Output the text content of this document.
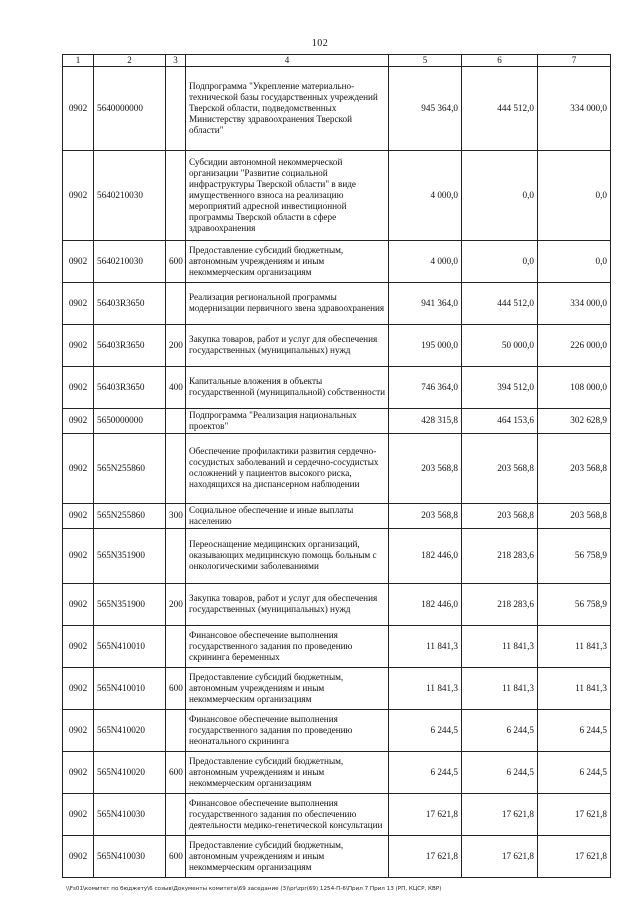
102
1	2	3	4	5	6	7
0902	5640000000		Подпрограмма "Укрепление материально-технической базы государственных учреждений Тверской области, подведомственных Министерству здравоохранения Тверской области"	945 364,0	444 512,0	334 000,0
0902	5640210030		Субсидии автономной некоммерческой организации "Развитие социальной инфраструктуры Тверской области" в виде имущественного взноса на реализацию мероприятий адресной инвестиционной программы Тверской области в сфере здравоохранения	4 000,0	0,0	0,0
0902	5640210030	600	Предоставление субсидий бюджетным, автономным учреждениям и иным некоммерческим организациям	4 000,0	0,0	0,0
0902	56403R3650		Реализация региональной программы модернизации первичного звена здравоохранения	941 364,0	444 512,0	334 000,0
0902	56403R3650	200	Закупка товаров, работ и услуг для обеспечения государственных (муниципальных) нужд	195 000,0	50 000,0	226 000,0
0902	56403R3650	400	Капитальные вложения в объекты государственной (муниципальной) собственности	746 364,0	394 512,0	108 000,0
0902	5650000000		Подпрограмма "Реализация национальных проектов"	428 315,8	464 153,6	302 628,9
0902	565N255860		Обеспечение профилактики развития сердечно-сосудистых заболеваний и сердечно-сосудистых осложнений у пациентов высокого риска, находящихся на диспансерном наблюдении	203 568,8	203 568,8	203 568,8
0902	565N255860	300	Социальное обеспечение и иные выплаты населению	203 568,8	203 568,8	203 568,8
0902	565N351900		Переоснащение медицинских организаций, оказывающих медицинскую помощь больным с онкологическими заболеваниями	182 446,0	218 283,6	56 758,9
0902	565N351900	200	Закупка товаров, работ и услуг для обеспечения государственных (муниципальных) нужд	182 446,0	218 283,6	56 758,9
0902	565N410010		Финансовое обеспечение выполнения государственного задания по проведению скрининга беременных	11 841,3	11 841,3	11 841,3
0902	565N410010	600	Предоставление субсидий бюджетным, автономным учреждениям и иным некоммерческим организациям	11 841,3	11 841,3	11 841,3
0902	565N410020		Финансовое обеспечение выполнения государственного задания по проведению неонатального скрининга	6 244,5	6 244,5	6 244,5
0902	565N410020	600	Предоставление субсидий бюджетным, автономным учреждениям и иным некоммерческим организациям	6 244,5	6 244,5	6 244,5
0902	565N410030		Финансовое обеспечение выполнения государственного задания по обеспечению деятельности медико-генетической консультации	17 621,8	17 621,8	17 621,8
0902	565N410030	600	Предоставление субсидий бюджетным, автономным учреждениям и иным некоммерческим организациям	17 621,8	17 621,8	17 621,8
\\Fs01\комитет по бюджету\6 созыв\Документы комитета\69 заседание (3)\pr\zpr(69) 1254-П-6\Прил 7 Прил 13 (РП, КЦСР, КВР)
